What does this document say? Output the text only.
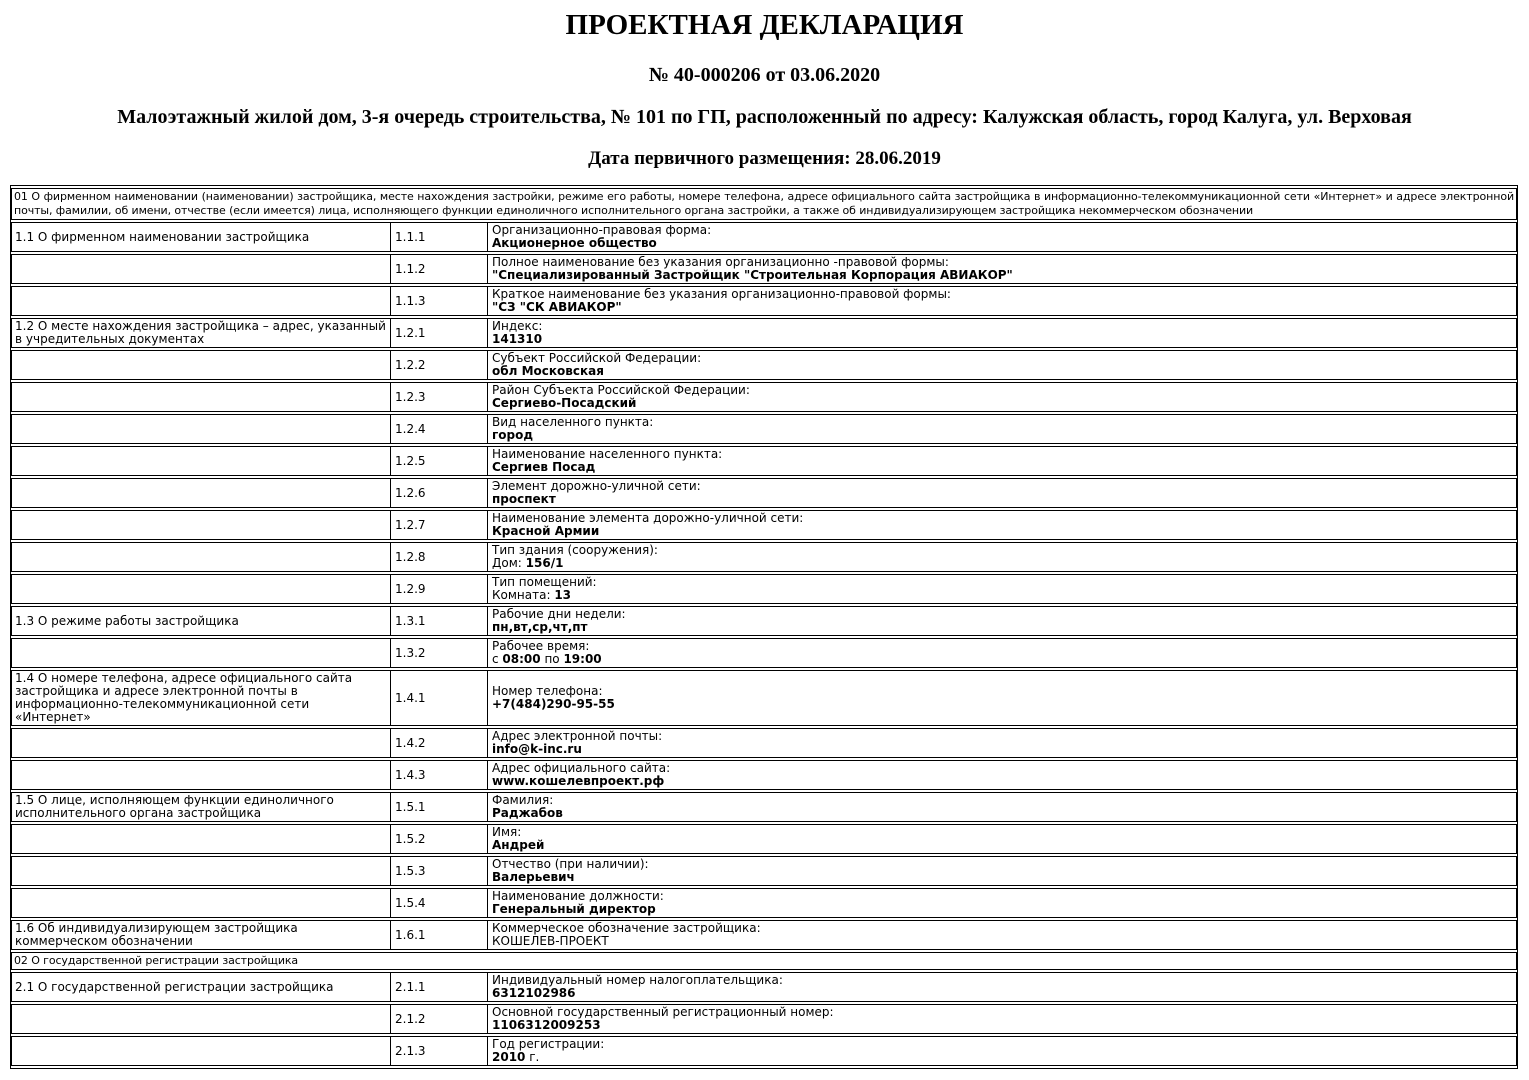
ПРОЕКТНАЯ ДЕКЛАРАЦИЯ
№ 40-000206 от 03.06.2020
Малоэтажный жилой дом, 3-я очередь строительства, № 101 по ГП, расположенный по адресу: Калужская область, город Калуга, ул. Верховая
Дата первичного размещения: 28.06.2019
01 О фирменном наименовании (наименовании) застройщика, месте нахождения застройки, режиме его работы, номере телефона, адресе официального сайта застройщика в информационно-телекоммуникационной сети «Интернет» и адресе электронной почты, фамилии, об имени, отчестве (если имеется) лица, исполняющего функции единоличного исполнительного органа застройки, а также об индивидуализирующем застройщика некоммерческом обозначении		
1.1 О фирменном наименовании застройщика	1.1.1	Организационно-правовая форма:
Акционерное общество

	1.1.2	Полное наименование без указания организационно -правовой формы:
"Специализированный Застройщик "Строительная Корпорация АВИАКОР"

	1.1.3	Краткое наименование без указания организационно-правовой формы:
"СЗ "СК АВИАКОР"

1.2 О месте нахождения застройщика – адрес, указанный в учредительных документах	1.2.1	Индекс:
141310

	1.2.2	Субъект Российской Федерации:
обл Московская

	1.2.3	Район Субъекта Российской Федерации:
Сергиево-Посадский

	1.2.4	Вид населенного пункта:
город

	1.2.5	Наименование населенного пункта:
Сергиев Посад

	1.2.6	Элемент дорожно-уличной сети:
проспект

	1.2.7	Наименование элемента дорожно-уличной сети:
Красной Армии

	1.2.8	Тип здания (сооружения):
Дом: 156/1

	1.2.9	Тип помещений:
Комната: 13

1.3 О режиме работы застройщика	1.3.1	Рабочие дни недели:
пн,вт,ср,чт,пт

	1.3.2	Рабочее время:
с 08:00 по 19:00

1.4 О номере телефона, адресе официального сайта застройщика и адресе электронной почты в информационно-телекоммуникационной сети «Интернет»	1.4.1	Номер телефона:
+7(484)290-95-55

	1.4.2	Адрес электронной почты:
info@k-inc.ru

	1.4.3	Адрес официального сайта:
www.кошелевпроект.рф

1.5 О лице, исполняющем функции единоличного исполнительного органа застройщика	1.5.1	Фамилия:
Раджабов

	1.5.2	Имя:
Андрей

	1.5.3	Отчество (при наличии):
Валерьевич

	1.5.4	Наименование должности:
Генеральный директор

1.6 Об индивидуализирующем застройщика коммерческом обозначении	1.6.1	Коммерческое обозначение застройщика:
КОШЕЛЕВ-ПРОЕКТ

02 О государственной регистрации застройщика		
2.1 О государственной регистрации застройщика	2.1.1	Индивидуальный номер налогоплательщика:
6312102986

	2.1.2	Основной государственный регистрационный номер:
1106312009253

	2.1.3	Год регистрации:
2010 г.
